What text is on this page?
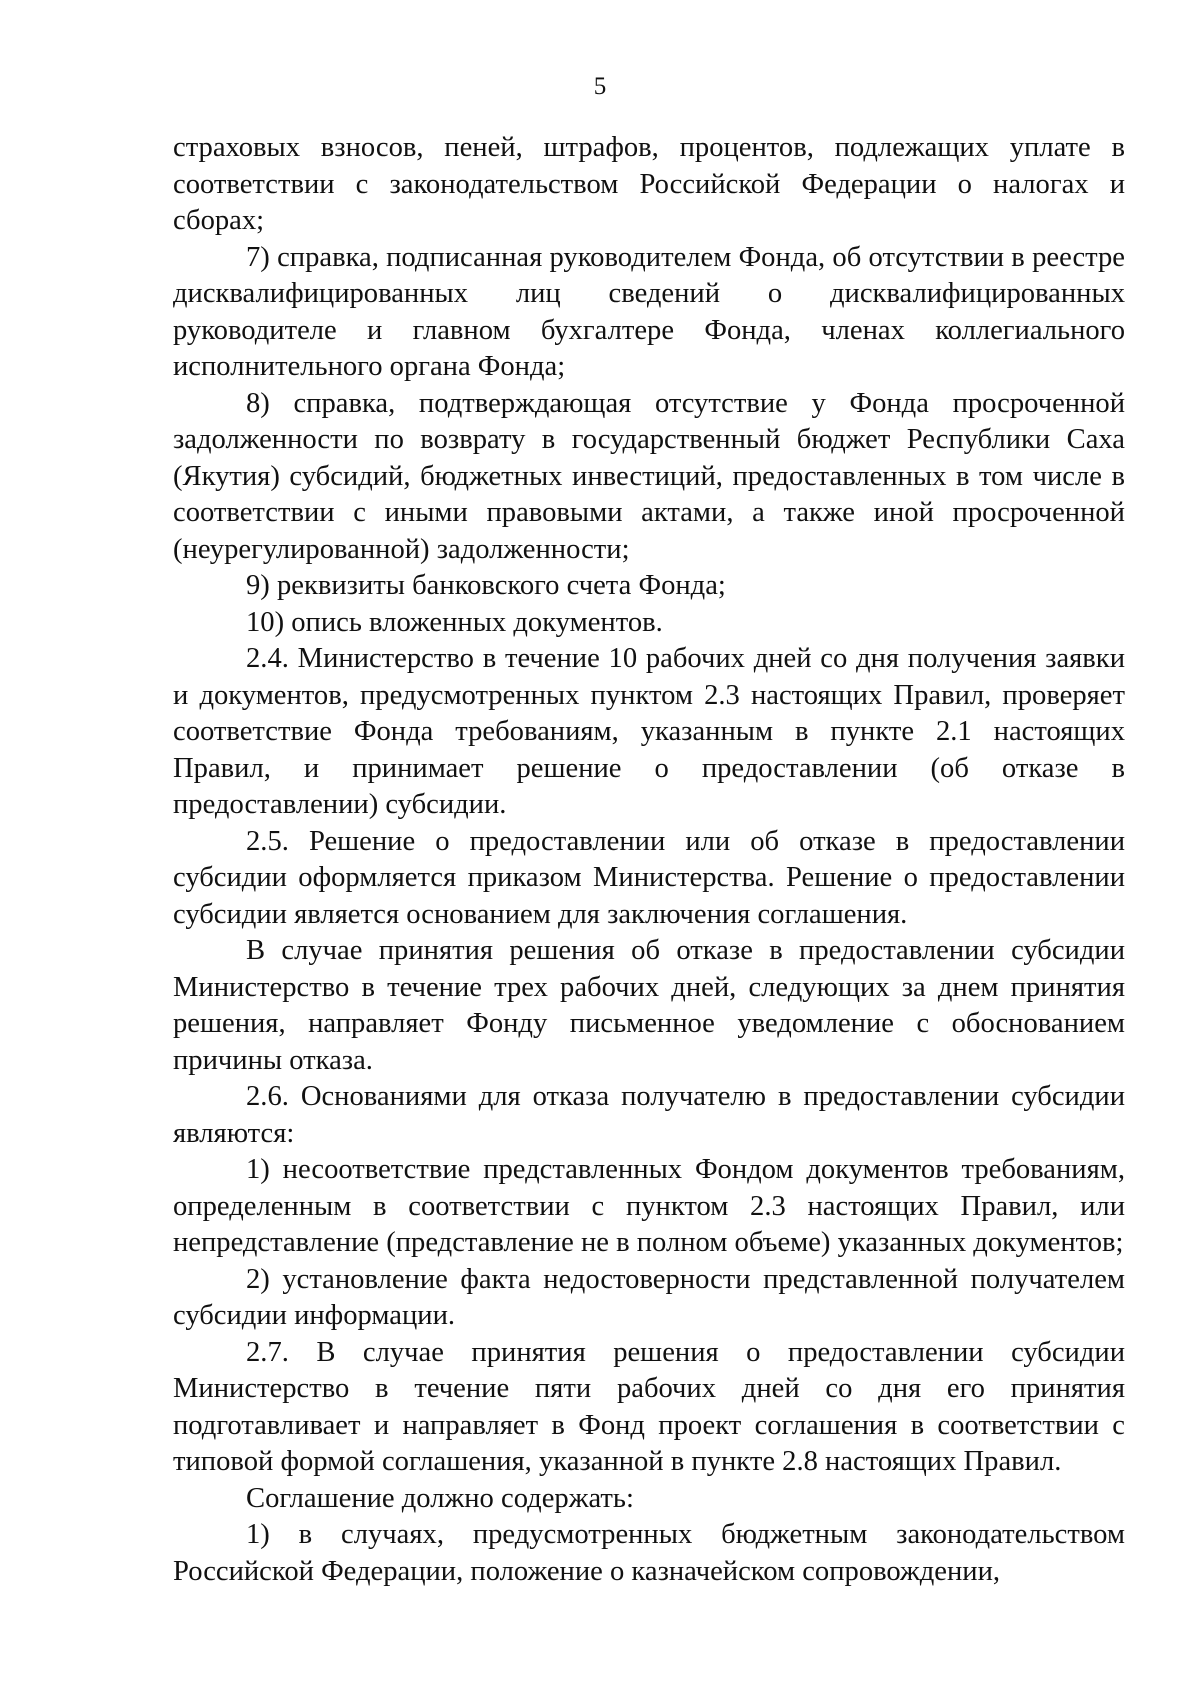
5

страховых взносов, пеней, штрафов, процентов, подлежащих уплате в соответствии с законодательством Российской Федерации о налогах и сборах;

7) справка, подписанная руководителем Фонда, об отсутствии в реестре дисквалифицированных лиц сведений о дисквалифицированных руководителе и главном бухгалтере Фонда, членах коллегиального исполнительного органа Фонда;

8) справка, подтверждающая отсутствие у Фонда просроченной задолженности по возврату в государственный бюджет Республики Саха (Якутия) субсидий, бюджетных инвестиций, предоставленных в том числе в соответствии с иными правовыми актами, а также иной просроченной (неурегулированной) задолженности;

9) реквизиты банковского счета Фонда;

10) опись вложенных документов.

2.4. Министерство в течение 10 рабочих дней со дня получения заявки и документов, предусмотренных пунктом 2.3 настоящих Правил, проверяет соответствие Фонда требованиям, указанным в пункте 2.1 настоящих Правил, и принимает решение о предоставлении (об отказе в предоставлении) субсидии.

2.5. Решение о предоставлении или об отказе в предоставлении субсидии оформляется приказом Министерства. Решение о предоставлении субсидии является основанием для заключения соглашения.

В случае принятия решения об отказе в предоставлении субсидии Министерство в течение трех рабочих дней, следующих за днем принятия решения, направляет Фонду письменное уведомление с обоснованием причины отказа.

2.6. Основаниями для отказа получателю в предоставлении субсидии являются:

1) несоответствие представленных Фондом документов требованиям, определенным в соответствии с пунктом 2.3 настоящих Правил, или непредставление (представление не в полном объеме) указанных документов;

2) установление факта недостоверности представленной получателем субсидии информации.

2.7. В случае принятия решения о предоставлении субсидии Министерство в течение пяти рабочих дней со дня его принятия подготавливает и направляет в Фонд проект соглашения в соответствии с типовой формой соглашения, указанной в пункте 2.8 настоящих Правил.

Соглашение должно содержать:

1) в случаях, предусмотренных бюджетным законодательством Российской Федерации, положение о казначейском сопровождении,
